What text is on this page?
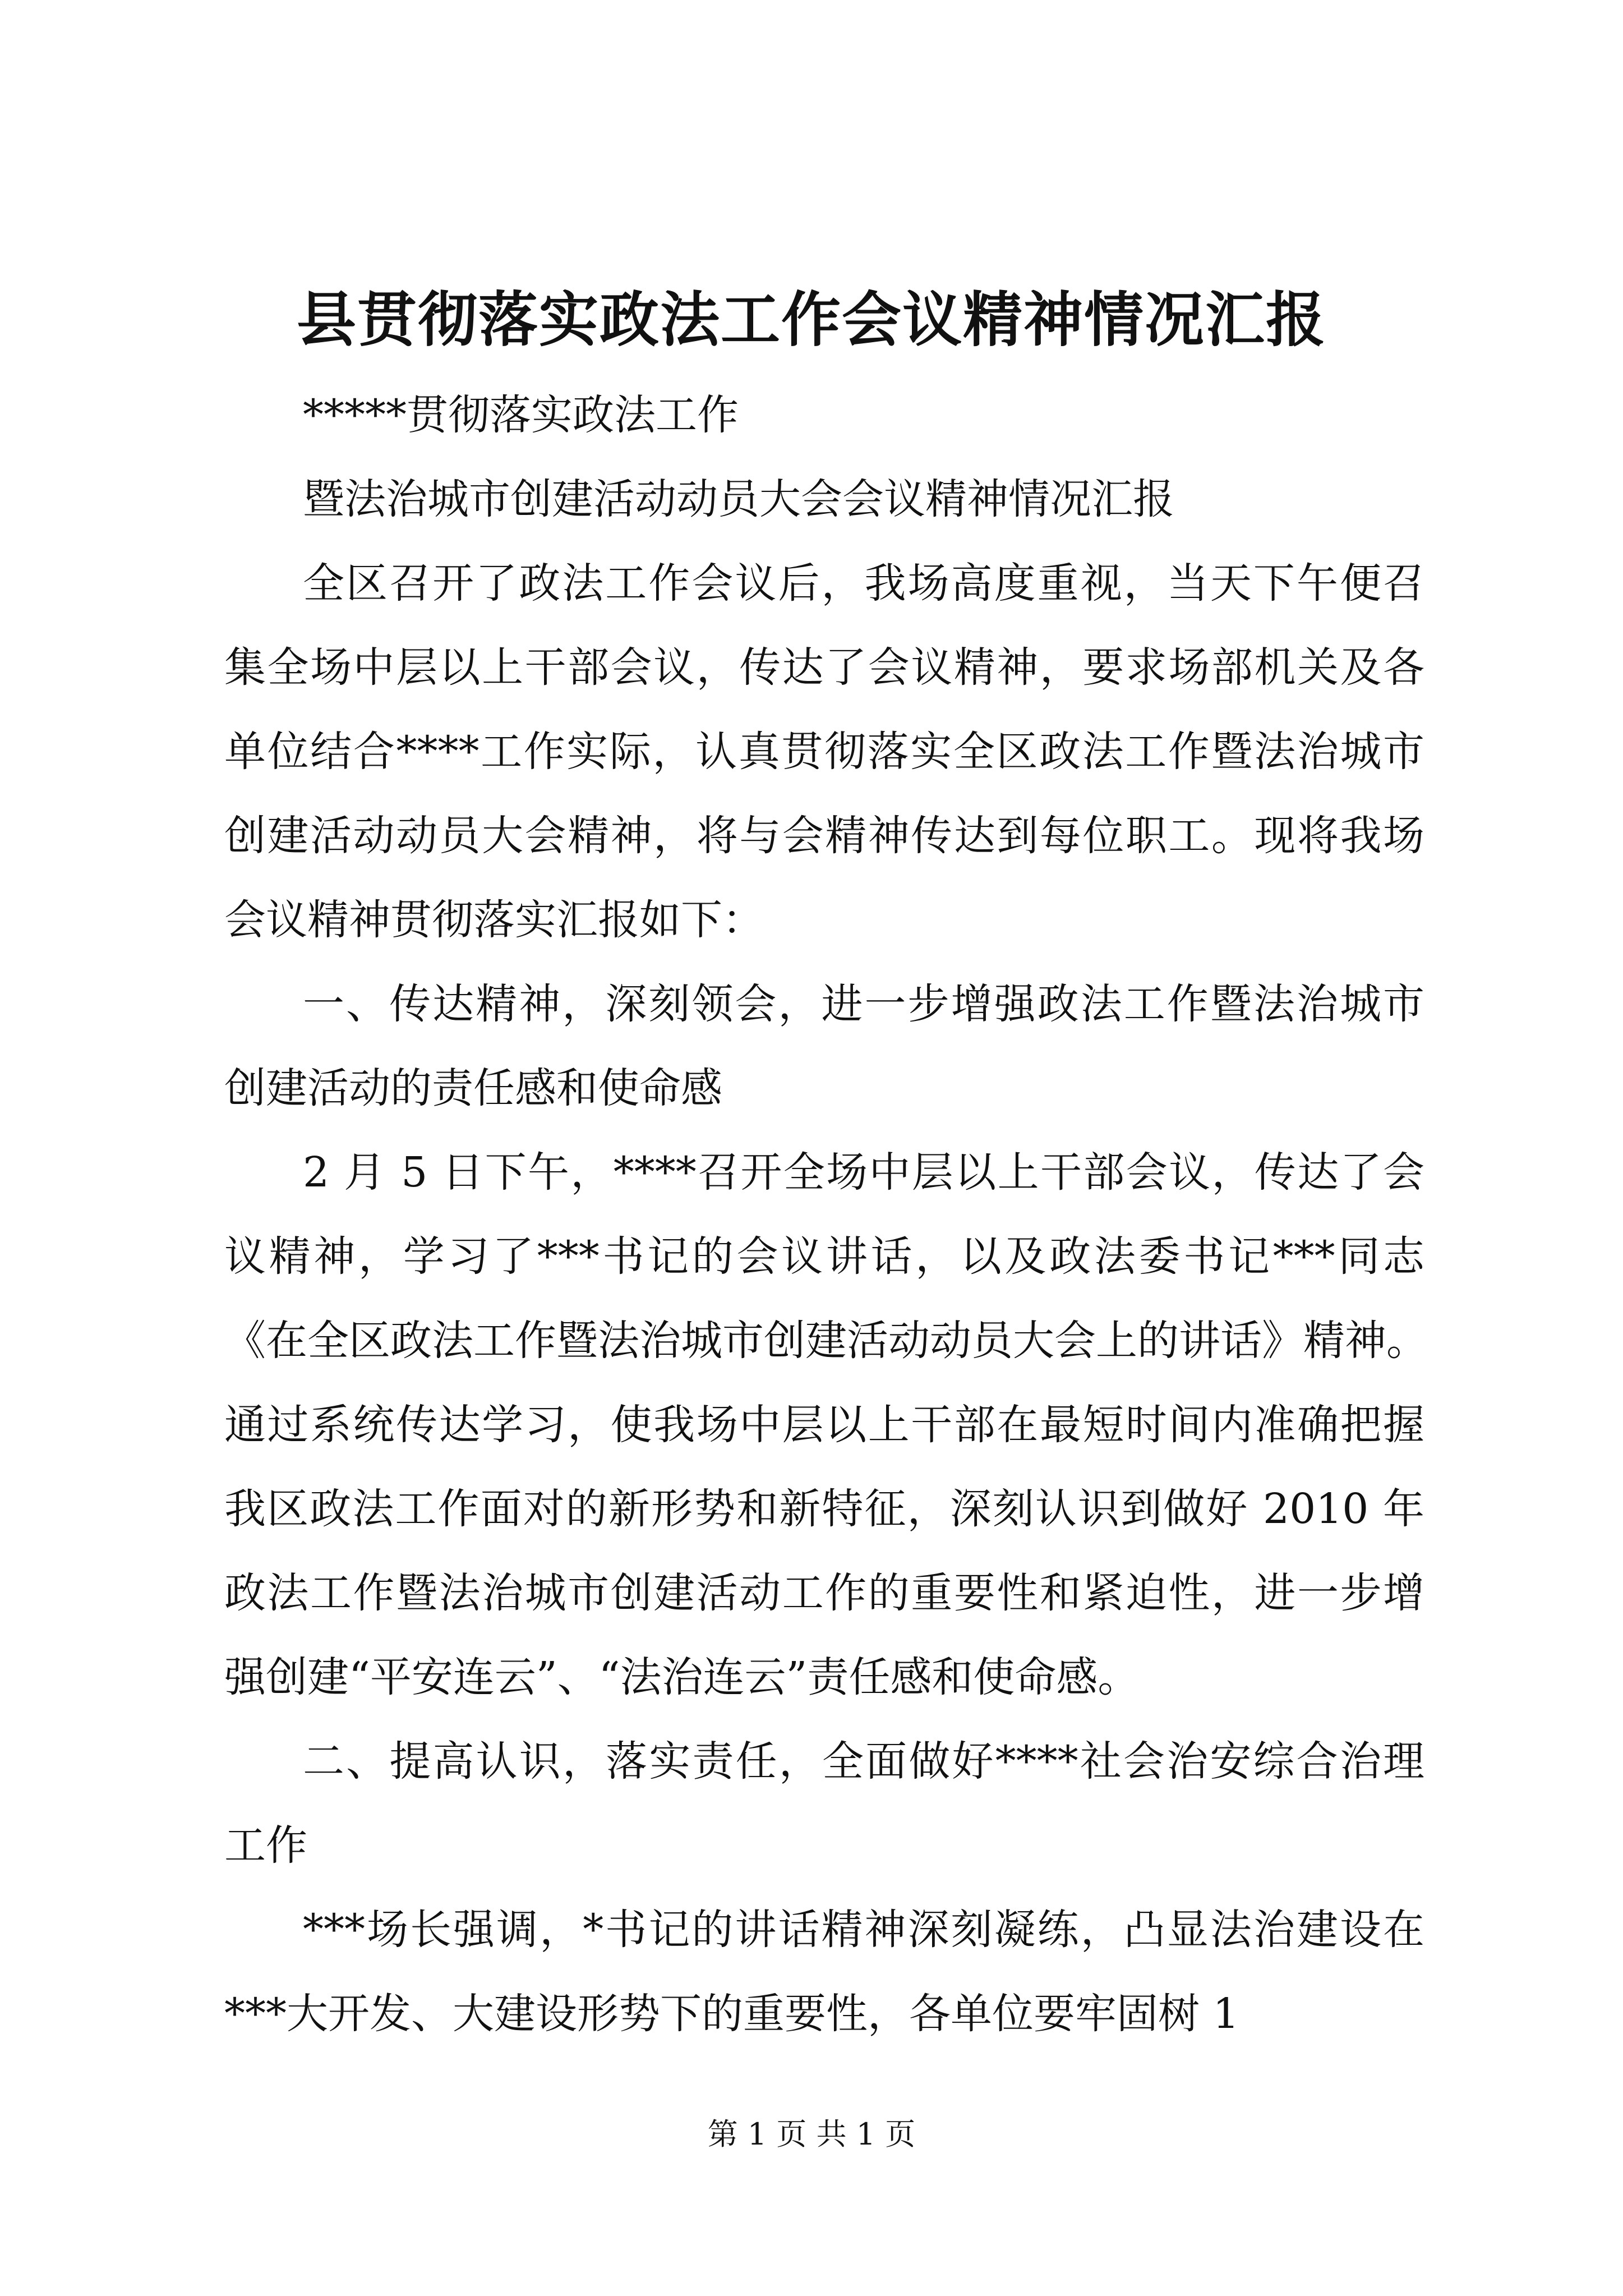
县贯彻落实政法工作会议精神情况汇报

*****贯彻落实政法工作

暨法治城市创建活动动员大会会议精神情况汇报

全区召开了政法工作会议后，我场高度重视，当天下午便召

集全场中层以上干部会议，传达了会议精神，要求场部机关及各

单位结合****工作实际，认真贯彻落实全区政法工作暨法治城市

创建活动动员大会精神，将与会精神传达到每位职工。现将我场

会议精神贯彻落实汇报如下：

一、传达精神，深刻领会，进一步增强政法工作暨法治城市

创建活动的责任感和使命感

2 月 5 日下午，****召开全场中层以上干部会议，传达了会

议精神，学习了***书记的会议讲话，以及政法委书记***同志

《在全区政法工作暨法治城市创建活动动员大会上的讲话》精神。

通过系统传达学习，使我场中层以上干部在最短时间内准确把握

我区政法工作面对的新形势和新特征，深刻认识到做好 2010 年

政法工作暨法治城市创建活动工作的重要性和紧迫性，进一步增

强创建“平安连云”、“法治连云”责任感和使命感。

二、提高认识，落实责任，全面做好****社会治安综合治理

工作

***场长强调，*书记的讲话精神深刻凝练，凸显法治建设在

***大开发、大建设形势下的重要性，各单位要牢固树 1

第 1 页 共 1 页
